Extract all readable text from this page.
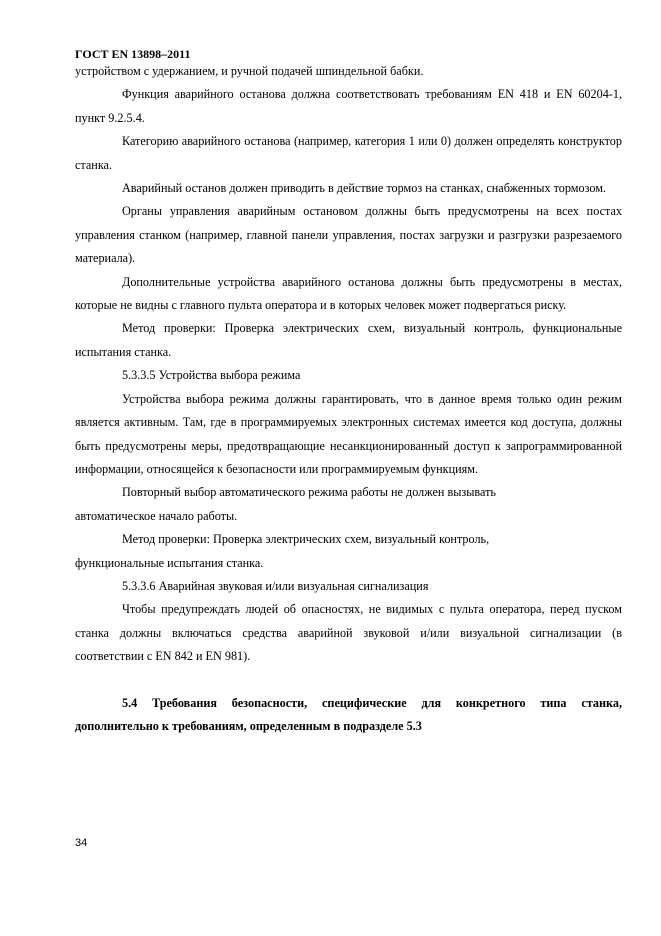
ГОСТ EN 13898–2011

устройством с удержанием, и ручной подачей шпиндельной бабки.

Функция аварийного останова должна соответствовать требованиям EN 418 и EN 60204-1, пункт 9.2.5.4.

Категорию аварийного останова (например, категория 1 или 0) должен определять конструктор станка.

Аварийный останов должен приводить в действие тормоз на станках, снабженных тормозом.

Органы управления аварийным остановом должны быть предусмотрены на всех постах управления станком (например, главной панели управления, постах загрузки и разгрузки разрезаемого материала).

Дополнительные устройства аварийного останова должны быть предусмотрены в местах, которые не видны с главного пульта оператора и в которых человек может подвергаться риску.

Метод проверки: Проверка электрических схем, визуальный контроль, функциональные испытания станка.

5.3.3.5 Устройства выбора режима

Устройства выбора режима должны гарантировать, что в данное время только один режим является активным. Там, где в программируемых электронных системах имеется код доступа, должны быть предусмотрены меры, предотвращающие несанкционированный доступ к запрограммированной информации, относящейся к безопасности или программируемым функциям.

Повторный выбор автоматического режима работы не должен вызывать

автоматическое начало работы.

Метод проверки: Проверка электрических схем, визуальный контроль,

функциональные испытания станка.

5.3.3.6 Аварийная звуковая и/или визуальная сигнализация

Чтобы предупреждать людей об опасностях, не видимых с пульта оператора, перед пуском станка должны включаться средства аварийной звуковой и/или визуальной сигнализации (в соответствии с EN 842 и EN 981).

5.4 Требования безопасности, специфические для конкретного типа станка, дополнительно к требованиям, определенным в подразделе 5.3

34
